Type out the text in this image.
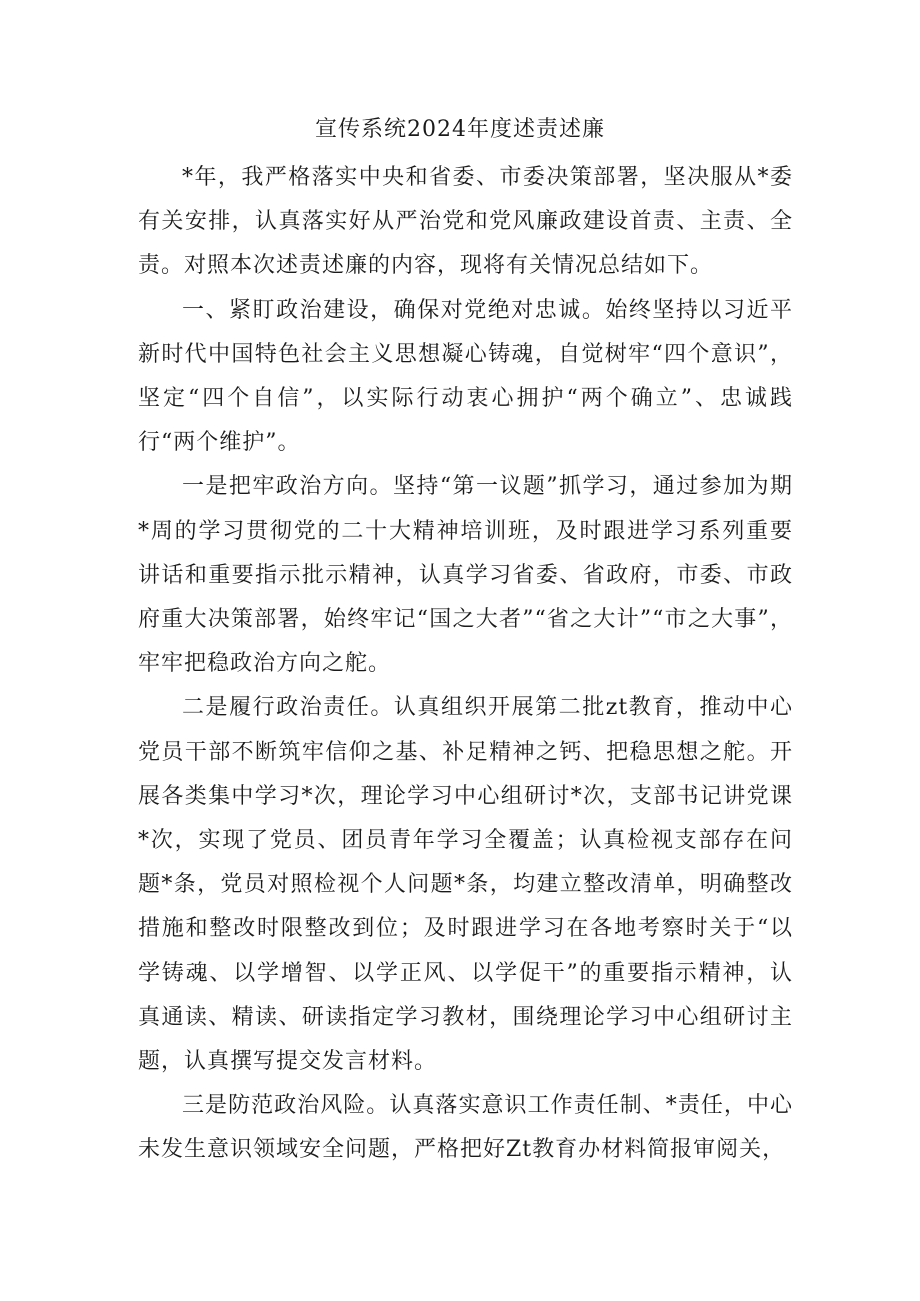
宣传系统2024年度述责述廉

*年，我严格落实中央和省委、市委决策部署，坚决服从*委有关安排，认真落实好从严治党和党风廉政建设首责、主责、全责。对照本次述责述廉的内容，现将有关情况总结如下。

一、紧盯政治建设，确保对党绝对忠诚。始终坚持以习近平新时代中国特色社会主义思想凝心铸魂，自觉树牢“四个意识”，坚定“四个自信”，以实际行动衷心拥护“两个确立”、忠诚践行“两个维护”。

一是把牢政治方向。坚持“第一议题”抓学习，通过参加为期*周的学习贯彻党的二十大精神培训班，及时跟进学习系列重要讲话和重要指示批示精神，认真学习省委、省政府，市委、市政府重大决策部署，始终牢记“国之大者”“省之大计”“市之大事”，牢牢把稳政治方向之舵。

二是履行政治责任。认真组织开展第二批zt教育，推动中心党员干部不断筑牢信仰之基、补足精神之钙、把稳思想之舵。开展各类集中学习*次，理论学习中心组研讨*次，支部书记讲党课*次，实现了党员、团员青年学习全覆盖；认真检视支部存在问题*条，党员对照检视个人问题*条，均建立整改清单，明确整改措施和整改时限整改到位；及时跟进学习在各地考察时关于“以学铸魂、以学增智、以学正风、以学促干”的重要指示精神，认真通读、精读、研读指定学习教材，围绕理论学习中心组研讨主题，认真撰写提交发言材料。

三是防范政治风险。认真落实意识工作责任制、*责任，中心未发生意识领域安全问题，严格把好Zt教育办材料简报审阅关，
